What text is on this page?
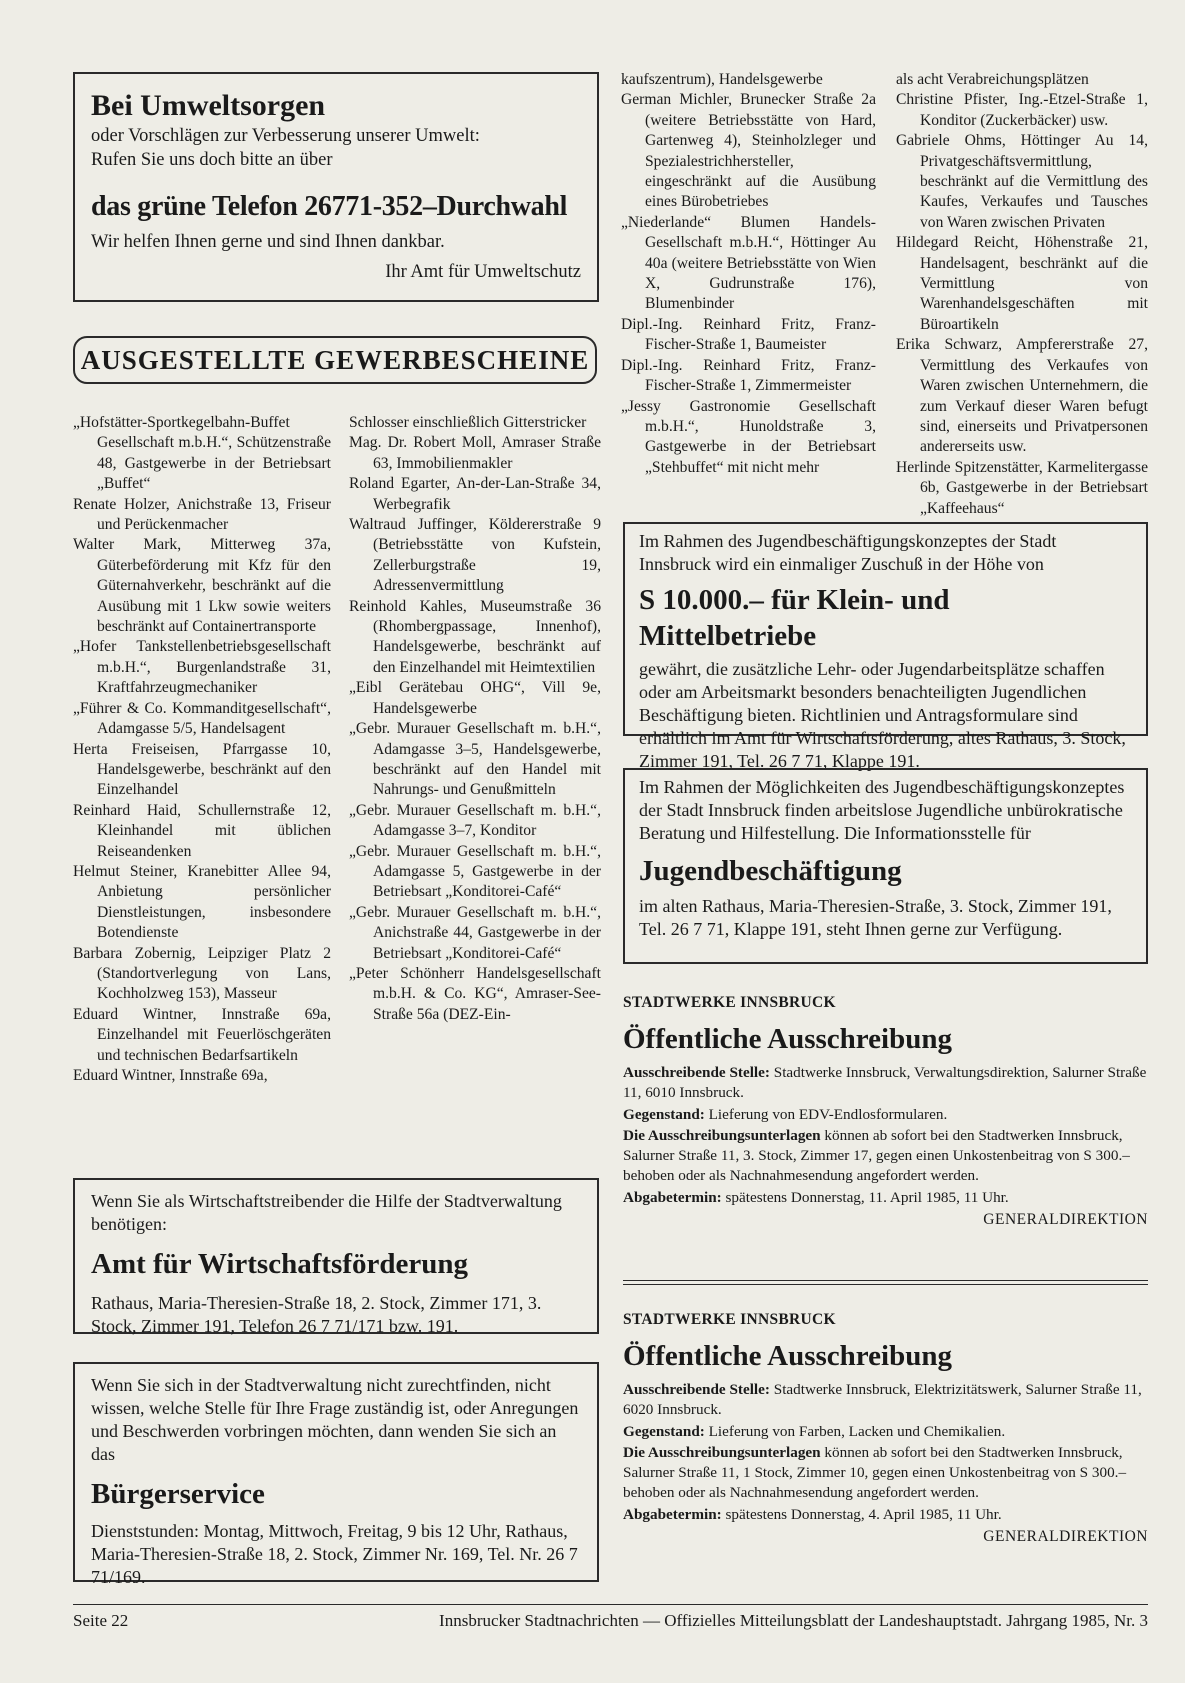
Bei Umweltsorgen
oder Vorschlägen zur Verbesserung unserer Umwelt:
Rufen Sie uns doch bitte an über
das grüne Telefon 26771-352–Durchwahl
Wir helfen Ihnen gerne und sind Ihnen dankbar.
Ihr Amt für Umweltschutz
AUSGESTELLTE GEWERBESCHEINE
„Hofstätter-Sportkegelbahn-Buffet Gesellschaft m.b.H.“, Schützenstraße 48, Gastgewerbe in der Betriebsart „Buffet“
Renate Holzer, Anichstraße 13, Friseur und Perückenmacher
Walter Mark, Mitterweg 37a, Güterbeförderung mit Kfz für den Güternahverkehr, beschränkt auf die Ausübung mit 1 Lkw sowie weiters beschränkt auf Containertransporte
„Hofer Tankstellenbetriebsgesellschaft m.b.H.“, Burgenlandstraße 31, Kraftfahrzeugmechaniker
„Führer & Co. Kommanditgesellschaft“, Adamgasse 5/5, Handelsagent
Herta Freiseisen, Pfarrgasse 10, Handelsgewerbe, beschränkt auf den Einzelhandel
Reinhard Haid, Schullernstraße 12, Kleinhandel mit üblichen Reiseandenken
Helmut Steiner, Kranebitter Allee 94, Anbietung persönlicher Dienstleistungen, insbesondere Botendienste
Barbara Zobernig, Leipziger Platz 2 (Standortverlegung von Lans, Kochholzweg 153), Masseur
Eduard Wintner, Innstraße 69a, Einzelhandel mit Feuerlöschgeräten und technischen Bedarfsartikeln
Eduard Wintner, Innstraße 69a,
Schlosser einschließlich Gitterstricker
Mag. Dr. Robert Moll, Amraser Straße 63, Immobilienmakler
Roland Egarter, An-der-Lan-Straße 34, Werbegrafik
Waltraud Juffinger, Köldererstraße 9 (Betriebsstätte von Kufstein, Zellerburgstraße 19, Adressenvermittlung
Reinhold Kahles, Museumstraße 36 (Rhombergpassage, Innenhof), Handelsgewerbe, beschränkt auf den Einzelhandel mit Heimtextilien
„Eibl Gerätebau OHG“, Vill 9e, Handelsgewerbe
„Gebr. Murauer Gesellschaft m. b.H.“, Adamgasse 3–5, Handelsgewerbe, beschränkt auf den Handel mit Nahrungs- und Genußmitteln
„Gebr. Murauer Gesellschaft m. b.H.“, Adamgasse 3–7, Konditor
„Gebr. Murauer Gesellschaft m. b.H.“, Adamgasse 5, Gastgewerbe in der Betriebsart „Konditorei-Café“
„Gebr. Murauer Gesellschaft m. b.H.“, Anichstraße 44, Gastgewerbe in der Betriebsart „Konditorei-Café“
„Peter Schönherr Handelsgesellschaft m.b.H. & Co. KG“, Amraser-See-Straße 56a (DEZ-Ein-
kaufszentrum), Handelsgewerbe
German Michler, Brunecker Straße 2a (weitere Betriebsstätte von Hard, Gartenweg 4), Steinholzleger und Spezialestrichhersteller, eingeschränkt auf die Ausübung eines Bürobetriebes
„Niederlande“ Blumen Handels-Gesellschaft m.b.H.“, Höttinger Au 40a (weitere Betriebsstätte von Wien X, Gudrunstraße 176), Blumenbinder
Dipl.-Ing. Reinhard Fritz, Franz-Fischer-Straße 1, Baumeister
Dipl.-Ing. Reinhard Fritz, Franz-Fischer-Straße 1, Zimmermeister
„Jessy Gastronomie Gesellschaft m.b.H.“, Hunoldstraße 3, Gastgewerbe in der Betriebsart „Stehbuffet“ mit nicht mehr
als acht Verabreichungsplätzen
Christine Pfister, Ing.-Etzel-Straße 1, Konditor (Zuckerbäcker) usw.
Gabriele Ohms, Höttinger Au 14, Privatgeschäftsvermittlung, beschränkt auf die Vermittlung des Kaufes, Verkaufes und Tausches von Waren zwischen Privaten
Hildegard Reicht, Höhenstraße 21, Handelsagent, beschränkt auf die Vermittlung von Warenhandelsgeschäften mit Büroartikeln
Erika Schwarz, Ampfererstraße 27, Vermittlung des Verkaufes von Waren zwischen Unternehmern, die zum Verkauf dieser Waren befugt sind, einerseits und Privatpersonen andererseits usw.
Herlinde Spitzenstätter, Karmelitergasse 6b, Gastgewerbe in der Betriebsart „Kaffeehaus“
Wenn Sie als Wirtschaftstreibender die Hilfe der Stadtverwaltung benötigen:
Amt für Wirtschaftsförderung
Rathaus, Maria-Theresien-Straße 18, 2. Stock, Zimmer 171, 3. Stock, Zimmer 191, Telefon 26 7 71/171 bzw. 191.
Wenn Sie sich in der Stadtverwaltung nicht zurechtfinden, nicht wissen, welche Stelle für Ihre Frage zuständig ist, oder Anregungen und Beschwerden vorbringen möchten, dann wenden Sie sich an das
Bürgerservice
Dienststunden: Montag, Mittwoch, Freitag, 9 bis 12 Uhr, Rathaus, Maria-Theresien-Straße 18, 2. Stock, Zimmer Nr. 169, Tel. Nr. 26 7 71/169.
Im Rahmen des Jugendbeschäftigungskonzeptes der Stadt Innsbruck wird ein einmaliger Zuschuß in der Höhe von
S 10.000.– für Klein- und Mittelbetriebe
gewährt, die zusätzliche Lehr- oder Jugendarbeitsplätze schaffen oder am Arbeitsmarkt besonders benachteiligten Jugendlichen Beschäftigung bieten. Richtlinien und Antragsformulare sind erhältlich im Amt für Wirtschaftsförderung, altes Rathaus, 3. Stock, Zimmer 191, Tel. 26 7 71, Klappe 191.
Im Rahmen der Möglichkeiten des Jugendbeschäftigungskonzeptes der Stadt Innsbruck finden arbeitslose Jugendliche unbürokratische Beratung und Hilfestellung. Die Informationsstelle für
Jugendbeschäftigung
im alten Rathaus, Maria-Theresien-Straße, 3. Stock, Zimmer 191, Tel. 26 7 71, Klappe 191, steht Ihnen gerne zur Verfügung.
STADTWERKE INNSBRUCK
Öffentliche Ausschreibung
Ausschreibende Stelle: Stadtwerke Innsbruck, Verwaltungsdirektion, Salurner Straße 11, 6010 Innsbruck.
Gegenstand: Lieferung von EDV-Endlosformularen.
Die Ausschreibungsunterlagen können ab sofort bei den Stadtwerken Innsbruck, Salurner Straße 11, 3. Stock, Zimmer 17, gegen einen Unkostenbeitrag von S 300.– behoben oder als Nachnahmesendung angefordert werden.
Abgabetermin: spätestens Donnerstag, 11. April 1985, 11 Uhr.
GENERALDIREKTION
STADTWERKE INNSBRUCK
Öffentliche Ausschreibung
Ausschreibende Stelle: Stadtwerke Innsbruck, Elektrizitätswerk, Salurner Straße 11, 6020 Innsbruck.
Gegenstand: Lieferung von Farben, Lacken und Chemikalien.
Die Ausschreibungsunterlagen können ab sofort bei den Stadtwerken Innsbruck, Salurner Straße 11, 1 Stock, Zimmer 10, gegen einen Unkostenbeitrag von S 300.– behoben oder als Nachnahmesendung angefordert werden.
Abgabetermin: spätestens Donnerstag, 4. April 1985, 11 Uhr.
GENERALDIREKTION
Seite 22	Innsbrucker Stadtnachrichten — Offizielles Mitteilungsblatt der Landeshauptstadt. Jahrgang 1985, Nr. 3
